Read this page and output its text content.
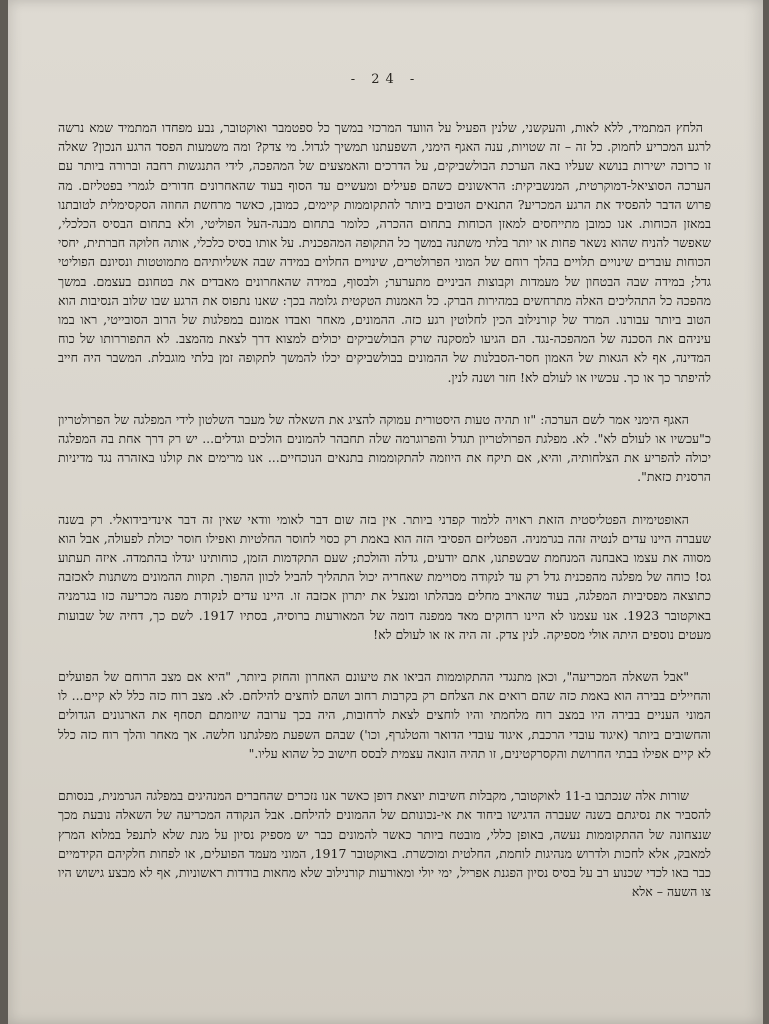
- 24 -

הלחץ המתמיד, ללא לאות, והעקשני, שלנין הפעיל על הוועד המרכזי במשך כל ספטמבר ואוקטובר, נבע מפחדו המתמיד שמא נרשה לרגע המכריע לחמוק. כל זה – זה שטויות, ענה האגף הימני, השפעתנו תמשיך לגדול. מי צדק? ומה משמעות הפסד הרגע הנכון? שאלה זו כרוכה ישירות בנושא שעליו באה הערכת הבולשביקים, על הדרכים והאמצעים של המהפכה, לידי התנגשות רחבה וברורה ביותר עם הערכה הסוציאל-דמוקרטית, המנשביקית: הראשונים כשהם פעילים ומעשיים עד הסוף בעוד שהאחרונים חדורים לגמרי בפטליזם. מה פרוש הדבר להפסיד את הרגע המכריע? התנאים הטובים ביותר להתקוממות קיימים, כמובן, כאשר מרחשת החוזה הסקסימלית לטובתנו במאזן הכוחות. אנו כמובן מתייחסים למאזן הכוחות בתחום ההכרה, כלומר בתחום מבנה-העל הפוליטי, ולא בתחום הבסיס הכלכלי, שאפשר להניח שהוא נשאר פחות או יותר בלתי משתנה במשך כל התקופה המהפכנית. על אותו בסיס כלכלי, אותה חלוקה חברתית, יחסי הכוחות עוברים שינויים תלויים בהלך רוחם של המוני הפרולטרים, שינויים החלוים במידה שבה אשליותיהם מתמוטטות ונסיונם הפוליטי גדל; במידה שבה הבטחון של מעמדות וקבוצות הביניים מתערער; ולבסוף, במידה שהאחרונים מאבדים את בטחונם בעצמם. במשך מהפכה כל התהליכים האלה מתרחשים במהירות הברק. כל האמנות הטקטית גלומה בכך: שאנו נתפוס את הרגע שבו שלוב הנסיבות הוא הטוב ביותר עבורנו. המרד של קורנילוב הכין לחלוטין רגע כזה. ההמונים, מאחר ואבדו אמונם במפלגות של הרוב הסובייטי, ראו במו עיניהם את הסכנה של המהפכה-נגד. הם הגיעו למסקנה שרק הבולשביקים יכולים למצוא דרך לצאת מהמצב. לא התפוררותו של כוח המדינה, אף לא הגאות של האמון חסר-הסבלנות של ההמונים בבולשביקים יכלו להמשך לתקופה זמן בלתי מוגבלת. המשבר היה חייב להיפתר כך או כך. עכשיו או לעולם לא! חזר ושנה לנין.

האגף הימני אמר לשם הערכה: "זו תהיה טעות היסטורית עמוקה להציג את השאלה של מעבר השלטון לידי המפלגה של הפרולטריון כ"עכשיו או לעולם לא". לא. מפלגת הפרולטריון תגדל והפרוגרמה שלה תחבהר להמונים הולכים וגדלים... יש רק דרך אחת בה המפלגה יכולה להפריע את הצלחותיה, והיא, אם תיקח את היוזמה להתקוממות בתנאים הנוכחיים... אנו מרימים את קולנו באזהרה נגד מדיניות הרסנית כזאת".

האופטימיות הפטליסטית הזאת ראויה ללמוד קפדני ביותר. אין בזה שום דבר לאומי וודאי שאין זה דבר אינדיבידואלי. רק בשנה שעברה היינו עדים לנטיה זהה בגרמניה. הפטליזם הפסיבי הזה הוא באמת רק כסוי לחוסר החלטיות ואפילו חוסר יכולת לפעולה, אבל הוא מסווה את עצמו באבחנה המנחמת שבשפתנו, אתם יודעים, גדלה והולכת; שעם התקדמות הזמן, כוחותינו יגדלו בהתמדה. איזה תעתוע גס! כוחה של מפלגה מהפכנית גדל רק עד לנקודה מסויימת שאחריה יכול התהליך להביל לכוון ההפוך. תקוות ההמונים משתנות לאכזבה כתוצאה מפסיביות המפלגה, בעוד שהאויב מחלים מבהלתו ומנצל את יתרון אכזבה זו. היינו עדים לנקודת מפנה מכריעה כזו בגרמניה באוקטובר 1923. אנו עצמנו לא היינו רחוקים מאד ממפנה דומה של המאורעות ברוסיה, בסתיו 1917. לשם כך, דחיה של שבועות מעטים נוספים היתה אולי מספיקה. לנין צדק. זה היה אז או לעולם לא!

"אבל השאלה המכריעה", וכאן מתנגדי ההתקוממות הביאו את טיעונם האחרון והחזק ביותר, "היא אם מצב הרוחם של הפועלים והחיילים בבירה הוא באמת כזה שהם רואים את הצלחם רק בקרבות רחוב ושהם לוחצים להילחם. לא. מצב רוח כזה כלל לא קיים... לו המוני העניים בבירה היו במצב רוח מלחמתי והיו לוחצים לצאת לרחובות, היה בכך ערובה שיוזמתם תסחף את הארגונים הגדולים והחשובים ביותר (איגוד עובדי הרכבת, איגוד עובדי הדואר והטלגרף, וכו') שבהם השפעת מפלגתנו חלשה. אך מאחר והלך רוח כזה כלל לא קיים אפילו בבתי החרושת והקסרקטינים, זו תהיה הונאה עצמית לבסס חישוב כל שהוא עליו."

שורות אלה שנכתבו ב-11 לאוקטובר, מקבלות חשיבות יוצאת דופן כאשר אנו נזכרים שהחברים המנהיגים במפלגה הגרמנית, בנסותם להסביר את נסיגתם בשנה שעברה הדגישו ביחוד את אי-נכונותם של ההמונים להילחם. אבל הנקודה המכריעה של השאלה נובעת מכך שנצחונה של ההתקוממות נעשה, באופן כללי, מובטח ביותר כאשר להמונים כבר יש מספיק נסיון על מנת שלא לתנפל במלוא המרץ למאבק, אלא לחכות ולדרוש מנהיגות לוחמת, החלטית ומוכשרת. באוקטובר 1917, המוני מעמד הפועלים, או לפחות חלקיהם הקידמיים כבר באו לכדי שכנוע רב על בסיס נסיון הפגנת אפריל, ימי יולי ומאורעות קורנילוב שלא מחאות בודדות ראשוניות, אף לא מבצע גישוש היו צו השעה – אלא
